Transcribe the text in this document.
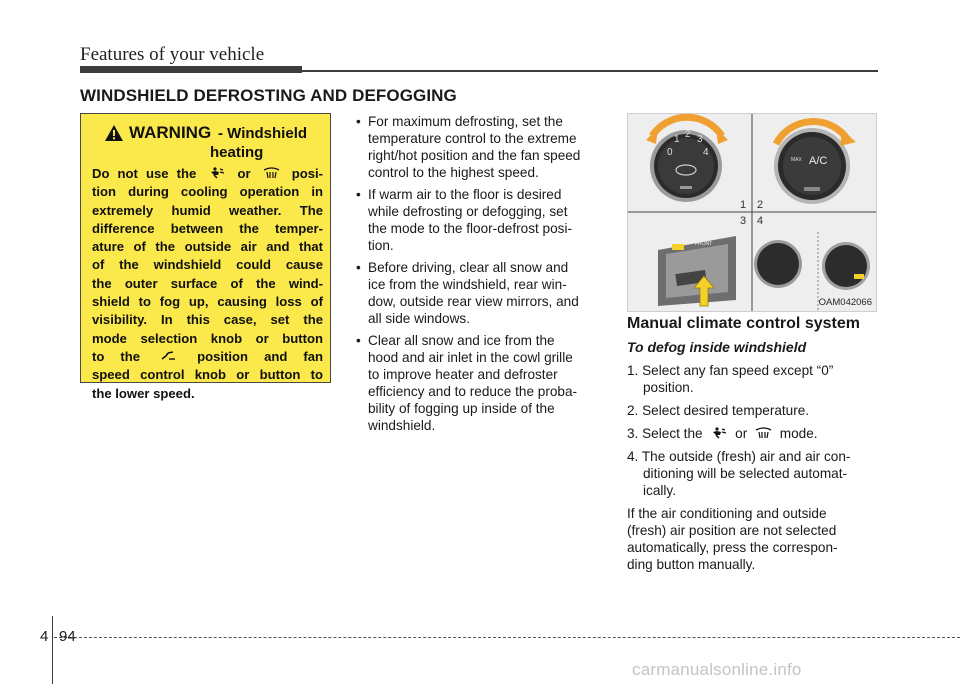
Features of your vehicle
WINDSHIELD DEFROSTING AND DEFOGGING
WARNING - Windshield
heating
Do not use the	or	posi-
tion during cooling operation in
extremely humid weather. The
difference between the temper-
ature of the outside air and that
of the windshield could cause
the outer surface of the wind-
shield to fog up, causing loss of
visibility. In this case, set the
mode selection knob or button
to the	position and fan
speed control knob or button to
the lower speed.
• For maximum defrosting, set the
temperature control to the extreme
right/hot position and the fan speed
control to the highest speed.
• If warm air to the floor is desired
while defrosting or defogging, set
the mode to the floor-defrost posi-
tion.
• Before driving, clear all snow and
ice from the windshield, rear win-
dow, outside rear view mirrors, and
all side windows.
• Clear all snow and ice from the
hood and air inlet in the cowl grille
to improve heater and defroster
efficiency and to reduce the proba-
bility of fogging up inside of the
windshield.
0
1 2 3
4
A/C
MAX
FRONT
1 2
3 4
OAM042066
Manual climate control system
To defog inside windshield
1. Select any fan speed except “0”
position.
2. Select desired temperature.
3. Select the or mode.
4. The outside (fresh) air and air con-
ditioning will be selected automat-
ically.
If the air conditioning and outside
(fresh) air position are not selected
automatically, press the correspon-
ding button manually.
4 94
carmanualsonline.info
